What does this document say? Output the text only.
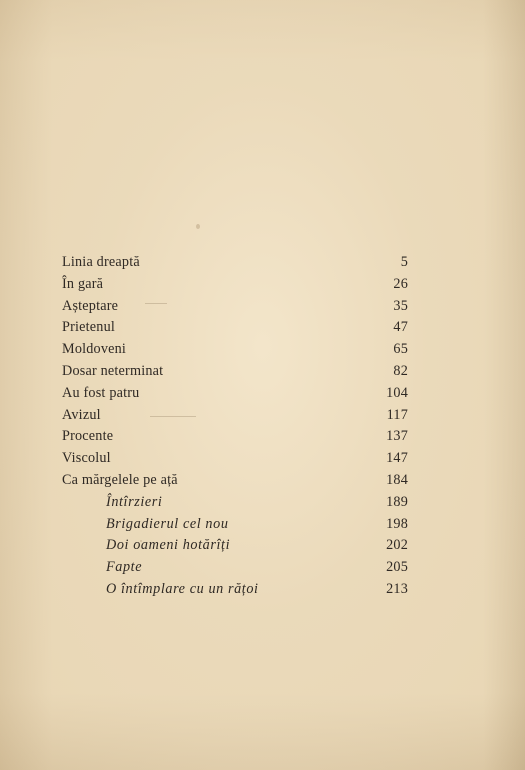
Linia dreaptă	5
În gară	26
Așteptare	35
Prietenul	47
Moldoveni	65
Dosar neterminat	82
Au fost patru	104
Avizul	117
Procente	137
Viscolul	147
Ca mărgelele pe ață	184
Întîrzieri	189
Brigadierul cel nou	198
Doi oameni hotărîți	202
Fapte	205
O întîmplare cu un rățoi	213
